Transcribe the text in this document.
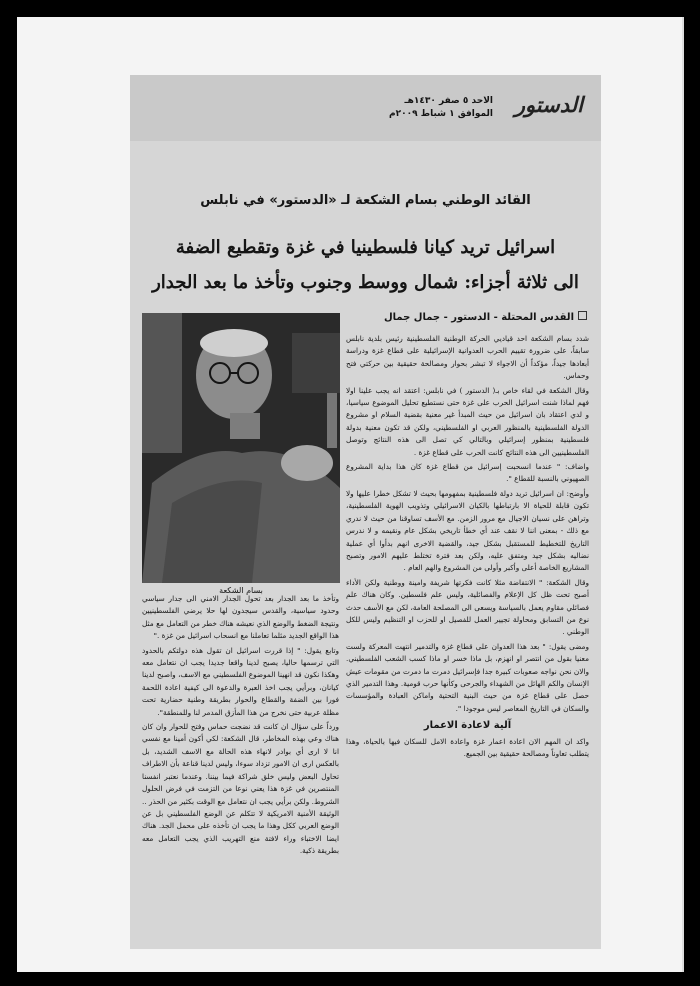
الدستور
الاحد ٥ صفر ١٤٣٠هـ
الموافق ١ شباط ٢٠٠٩م
القائد الوطني بسام الشكعة لـ «الدستور» في نابلس
اسرائيل تريد كيانا فلسطينيا في غزة وتقطيع الضفة
الى ثلاثة أجزاء: شمال ووسط وجنوب وتأخذ ما بعد الجدار
القدس المحتلة - الدستور - جمال جمال

شدد بسام الشكعة احد قياديي الحركة الوطنية الفلسطينية رئيس بلدية نابلس سابقاً، على ضرورة تقييم الحرب العدوانية الإسرائيلية على قطاع غزة ودراسة أبعادها جيداً، مؤكداً أن الاجواء لا تبشر بحوار ومصالحة حقيقية بين حركتي فتح وحماس.

وقال الشكعة في لقاء خاص بـ( الدستور ) في نابلس: اعتقد انه يجب علينا اولا فهم لماذا شنت اسرائيل الحرب على غزة حتى نستطيع تحليل الموضوع سياسيا، و لدي اعتقاد بان اسرائيل من حيث المبدأ غير معنية بقضية السلام او مشروع الدولة الفلسطينية بالمنظور العربي او الفلسطيني، ولكن قد تكون معنية بدولة فلسطينية بمنظور إسرائيلي وبالتالي كي تصل الى هذه النتائج وتوصل الفلسطينيين الى هذه النتائج كانت الحرب على قطاع غزة .

واضاف: " عندما انسحبت إسرائيل من قطاع غزة كان هذا بداية المشروع الصهيوني بالنسبة للقطاع ".

وأوضح: ان اسرائيل تريد دولة فلسطينية بمفهومها بحيث لا تشكل خطرا عليها ولا تكون قابلة للحياة الا بارتباطها بالكيان الاسرائيلي وتذويب الهوية الفلسطينية، وتراهن على نسيان الاجيال مع مرور الزمن. مع الأسف تساوقنا من حيث لا ندري مع ذلك - بمعنى اننا لا نقف عند أي خطأ تاريخي بشكل عام ونقيمه و لا ندرس التاريخ للتخطيط للمستقبل بشكل جيد، والقضية الاخرى انهم بدأوا أي عملية نضاليه بشكل جيد ومتفق عليه، ولكن بعد فترة تختلط عليهم الامور وتصبح المشاريع الخاصة أعلى وأكبر وأولى من المشروع والهم العام .

وقال الشكعة: " الانتفاضة مثلا كانت فكرتها شريفة وامينة ووطنية ولكن الأداء أصبح تحت ظل كل الإعلام والفصائلية، وليس علم فلسطين. وكان هناك علم فصائلي مقاوم يعمل بالسياسة ويسعى الى المصلحة العامة، لكن مع الأسف حدث نوع من التسابق ومحاولة تجيير العمل للفصيل او للحزب او التنظيم وليس للكل الوطني .

ومضى يقول: " بعد هذا العدوان على قطاع غزة والتدمير انتهت المعركة ولست معنيا بقول من انتصر او انهزم، بل ماذا خسر او ماذا كسب الشعب الفلسطيني. والان نحن نواجه صعوبات كبيرة جدا فإسرائيل دمرت ما دمرت من مقومات عيش الإنسان والكم الهائل من الشهداء والجرحى وكأنها حرب قومية. وهذا التدمير الذي حصل على قطاع غزة من حيث البنية التحتية واماكن العبادة والمؤسسات والسكان في التاريخ المعاصر ليس موجودا ".

آلية لاعادة الاعمار

واكد ان المهم الان اعادة اعمار غزة واعادة الامل للسكان فيها بالحياة، وهذا يتطلب تعاوناً ومصالحة حقيقية بين الجميع.

بسام الشكعة

وتأخذ ما بعد الجدار بعد تحول الجدار الامني الى جدار سياسي وحدود سياسية، والقدس سيجدون لها حلا يرضي الفلسطينيين ونتيجة الضغط والوضع الذي نعيشه هناك خطر من التعامل مع مثل هذا الواقع الجديد مثلما تعاملنا مع انسحاب اسرائيل من غزة ."

وتابع يقول: " إذا قررت اسرائيل ان تقول هذه دولتكم بالحدود التي ترسمها حاليا، يصبح لدينا واقعا جديدا يجب ان نتعامل معه وهكذا نكون قد انهينا الموضوع الفلسطيني مع الاسف، واصبح لدينا كيانان، وبرأيي يجب اخذ العبرة والدعوة الى كيفية اعادة اللحمة فورا بين الضفة والقطاع والحوار بطريقة وطنية حضارية تحت مظلة عربية حتى نخرج من هذا المأزق المدمر لنا وللمنطقة".

ورداً على سؤال ان كانت قد نضجت حماس وفتح للحوار وان كان هناك وعي بهذه المخاطر، قال الشكعة: لكي أكون أمينا مع نفسي انا لا ارى أي بوادر لانهاء هذه الحالة مع الاسف الشديد، بل بالعكس ارى ان الامور تزداد سوءا، وليس لدينا قناعة بأن الاطراف تحاول البعض وليس خلق شراكة فيما بيننا. وعندما نعتبر انفسنا المنتصرين في غزة هذا يعني نوعا من التزمت في فرض الحلول الشروط. ولكن برأيي يجب ان نتعامل مع الوقت بكثير من الحذر .. الوثيقة الأمنية الامريكية لا تتكلم عن الوضع الفلسطيني بل عن الوضع العربي ككل وهذا ما يجب ان تأخذه على محمل الجد. هناك ايضا الاختباء وراء لافتة منع التهريب الذي يجب التعامل معه بطريقة ذكية.
